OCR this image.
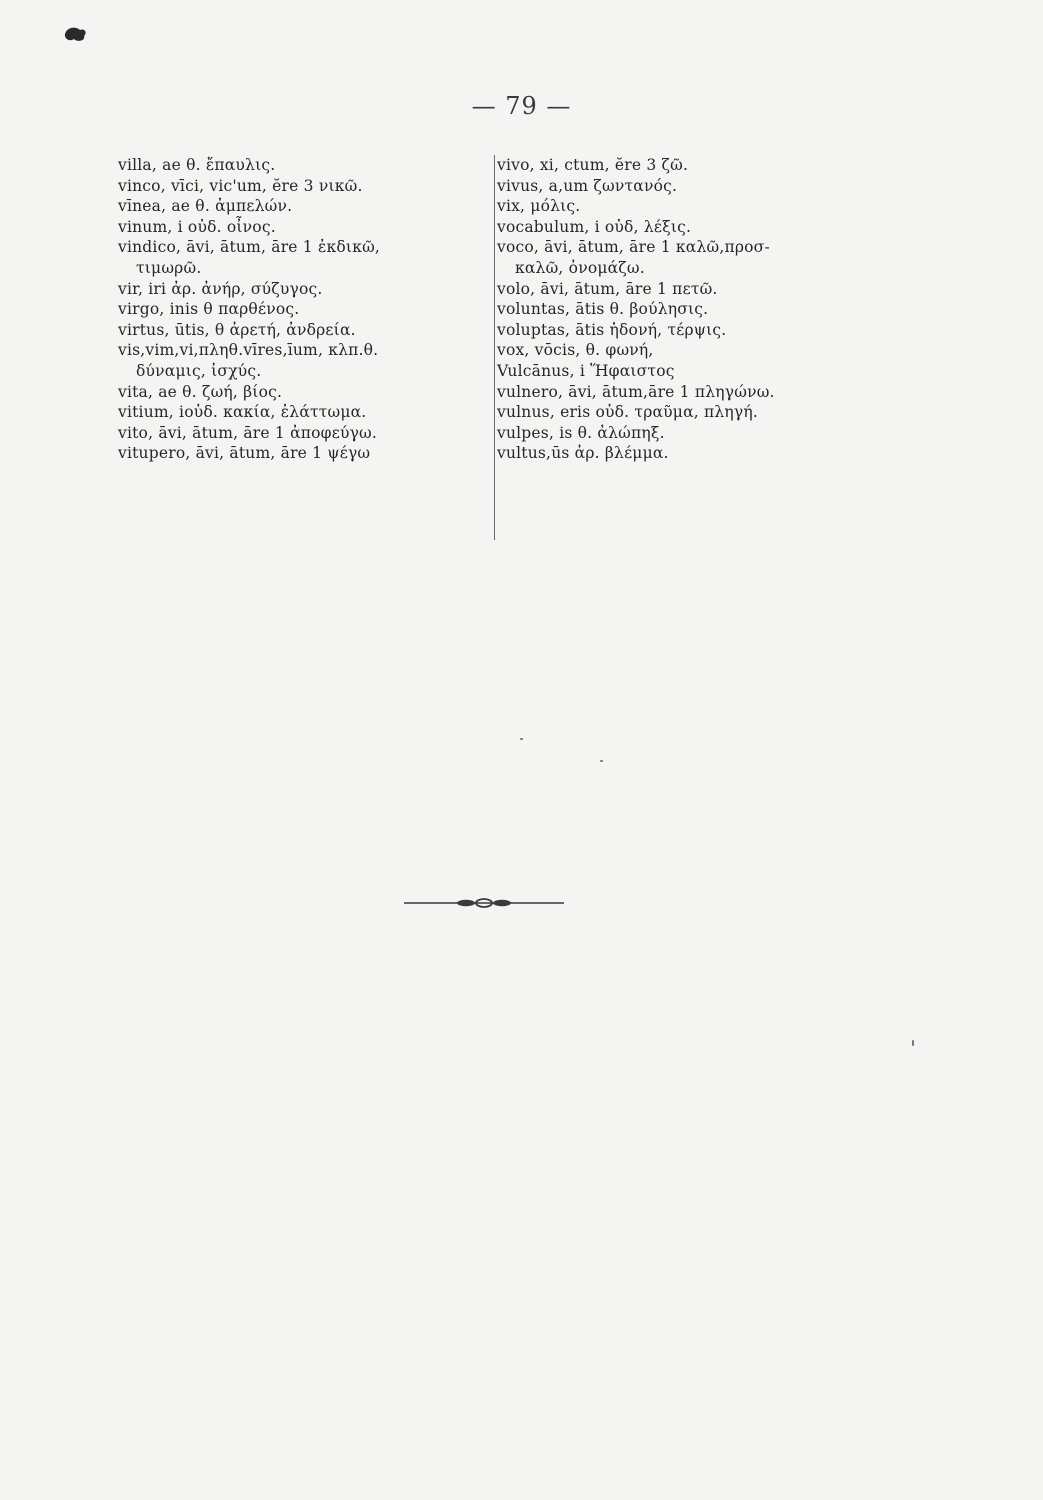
— 79 —
villa, ae θ. ἔπαυλις.
vinco, vīci, vic'um, ĕre 3 νικῶ.
vīnea, ae θ. ἀμπελών.
vinum, i οὐδ. οἶνος.
vindico, āvi, ātum, āre 1 ἐκδικῶ,
τιμωρῶ.
vir, iri ἀρ. ἀνήρ, σύζυγος.
virgo, inis θ παρθένος.
virtus, ūtis, θ ἀρετή, ἀνδρεία.
vis,vim,vi,πληθ.vīres,īum, κλπ.θ.
δύναμις, ἰσχύς.
vita, ae θ. ζωή, βίος.
vitium, ioὐδ. κακία, ἐλάττωμα.
vito, āvi, ātum, āre 1 ἀποφεύγω.
vitupero, āvi, ātum, āre 1 ψέγω
vivo, xi, ctum, ĕre 3 ζῶ.
vivus, a,um ζωντανός.
vix, μόλις.
vocabulum, i οὐδ, λέξις.
voco, āvi, ātum, āre 1 καλῶ,προσ-
καλῶ, ὀνομάζω.
volo, āvi, ātum, āre 1 πετῶ.
voluntas, ātis θ. βούλησις.
voluptas, ātis ἡδονή, τέρψις.
vox, vōcis, θ. φωνή,
Vulcānus, i Ἥφαιστος
vulnero, āvi, ātum,āre 1 πληγώνω.
vulnus, eris οὐδ. τραῦμα, πληγή.
vulpes, is θ. ἀλώπηξ.
vultus,ūs ἀρ. βλέμμα.
